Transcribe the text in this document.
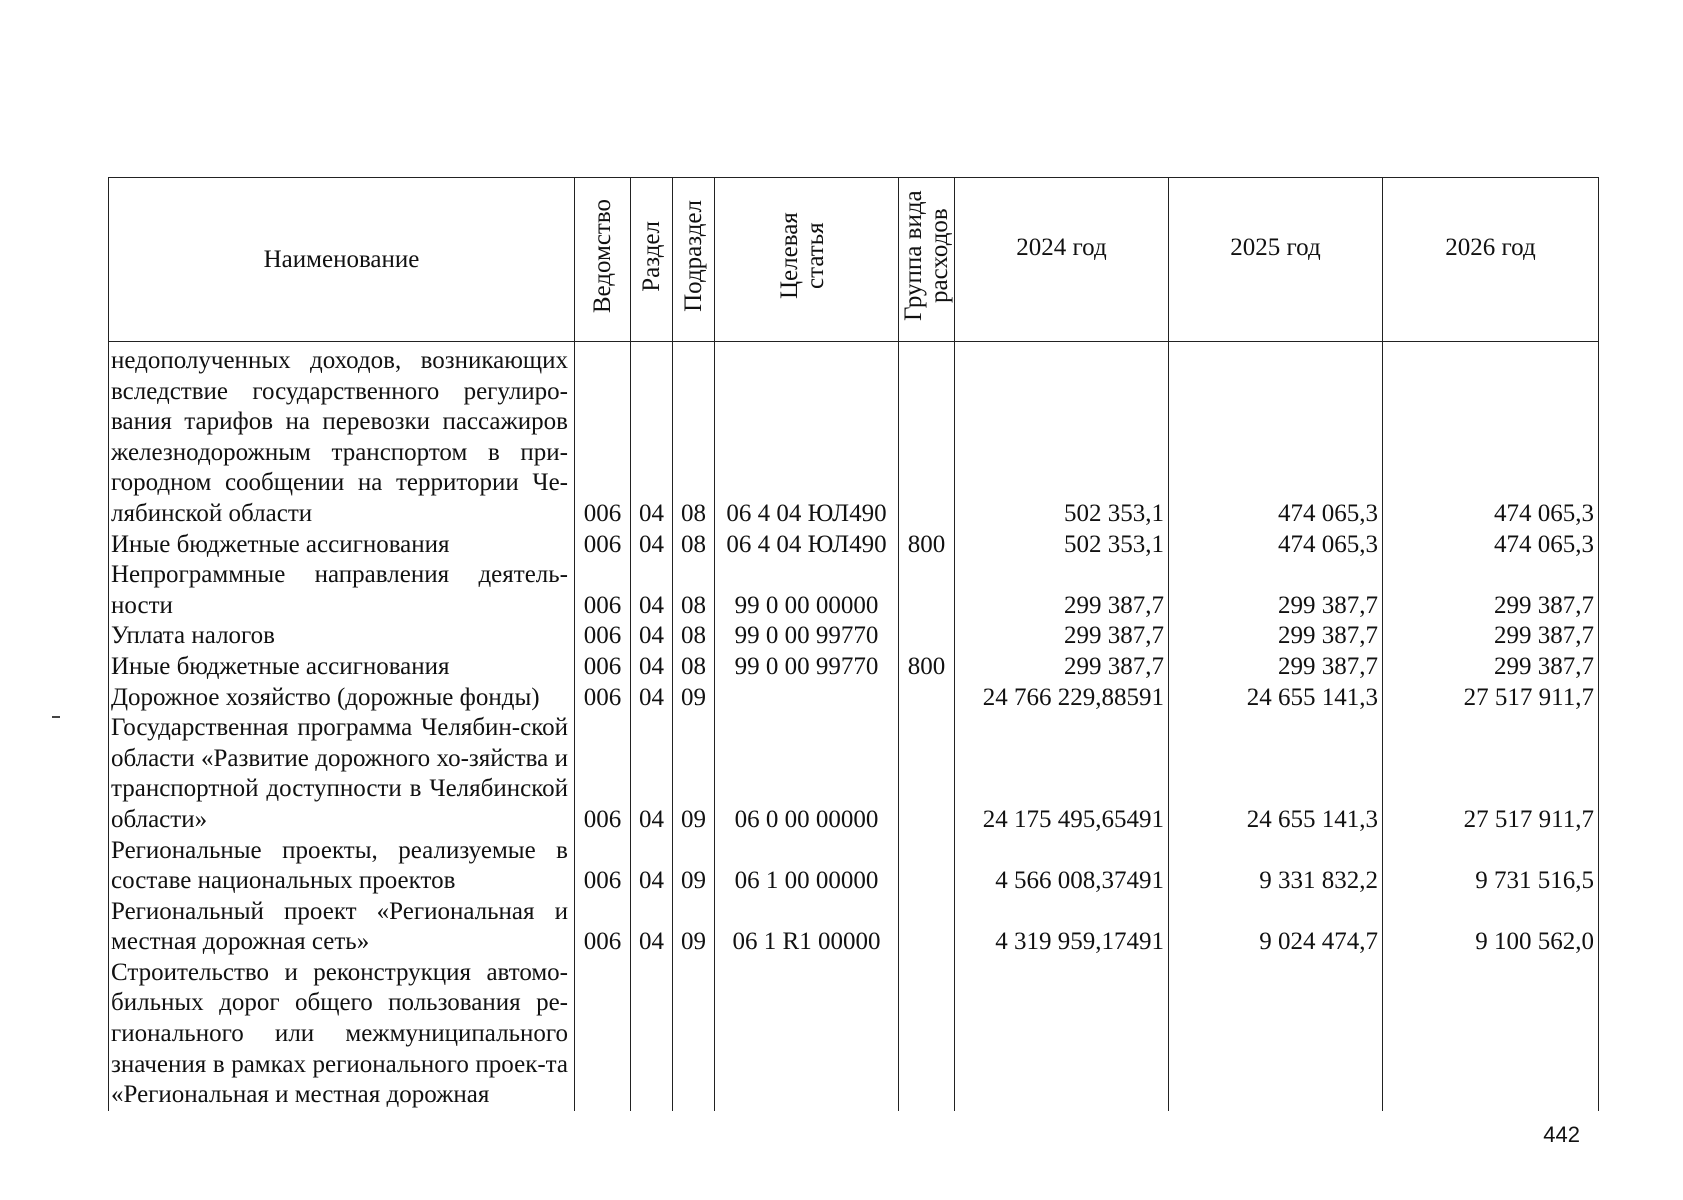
Наименование	Ведомство	Раздел	Подраздел	Целевая статья	Группа вида расходов	2024 год	2025 год	2026 год
недополученных доходов, возникающих вследствие государственного регулиро-вания тарифов на перевозки пассажиров железнодорожным транспортом в при-городном сообщении на территории Че-лябинской области	006	04	08	06 4 04 ЮЛ490		502 353,1	474 065,3	474 065,3
Иные бюджетные ассигнования	006	04	08	06 4 04 ЮЛ490	800	502 353,1	474 065,3	474 065,3
Непрограммные направления деятель-ности	006	04	08	99 0 00 00000		299 387,7	299 387,7	299 387,7
Уплата налогов	006	04	08	99 0 00 99770		299 387,7	299 387,7	299 387,7
Иные бюджетные ассигнования	006	04	08	99 0 00 99770	800	299 387,7	299 387,7	299 387,7
Дорожное хозяйство (дорожные фонды)	006	04	09			24 766 229,88591	24 655 141,3	27 517 911,7
Государственная программа Челябин-ской области «Развитие дорожного хо-зяйства и транспортной доступности в Челябинской области»	006	04	09	06 0 00 00000		24 175 495,65491	24 655 141,3	27 517 911,7
Региональные проекты, реализуемые в составе национальных проектов	006	04	09	06 1 00 00000		4 566 008,37491	9 331 832,2	9 731 516,5
Региональный проект «Региональная и местная дорожная сеть»	006	04	09	06 1 R1 00000		4 319 959,17491	9 024 474,7	9 100 562,0
Строительство и реконструкция автомо-бильных дорог общего пользования ре-гионального или межмуниципального значения в рамках регионального проек-та «Региональная и местная дорожная								
442
